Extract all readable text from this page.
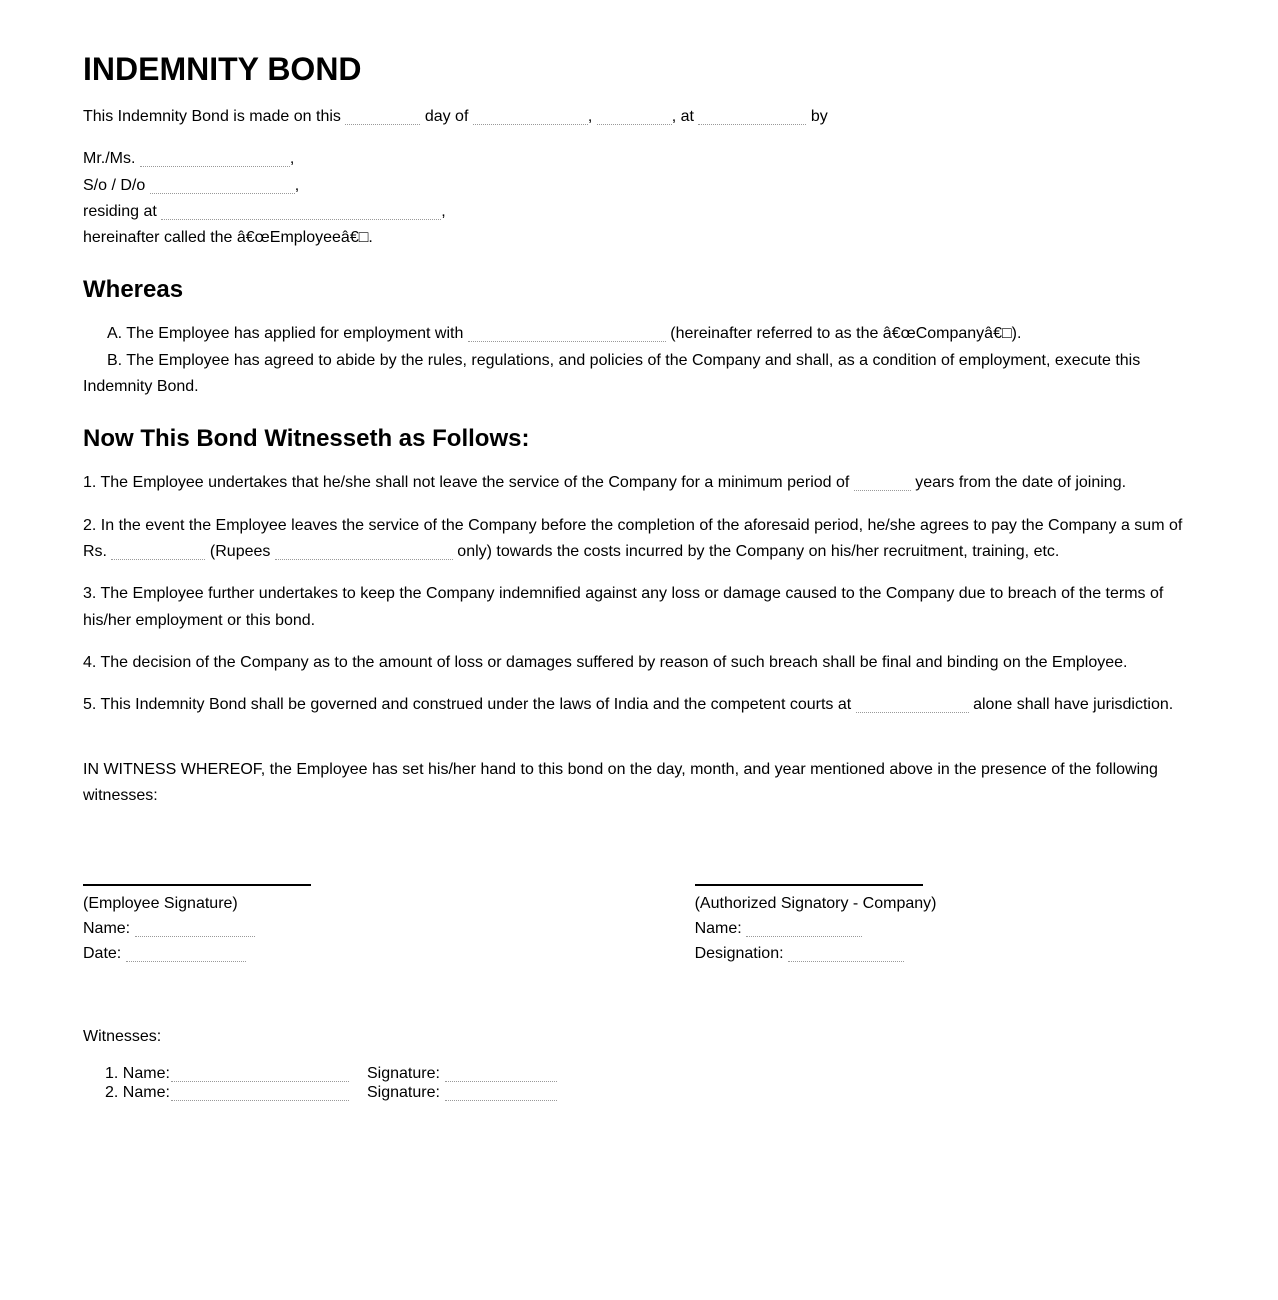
INDEMNITY BOND

This Indemnity Bond is made on this	day of	,	, at	by

Mr./Ms.	,
S/o / D/o	,
residing at	,
hereinafter called the â€œEmployeeâ€□.

Whereas
A. The Employee has applied for employment with	(hereinafter referred to as the â€œCompanyâ€□).
B. The Employee has agreed to abide by the rules, regulations, and policies of the Company and shall, as a condition of employment, execute this Indemnity Bond.
Now This Bond Witnesseth as Follows:

1. The Employee undertakes that he/she shall not leave the service of the Company for a minimum period of	years from the date of joining.

2. In the event the Employee leaves the service of the Company before the completion of the aforesaid period, he/she agrees to pay the Company a sum of Rs.	(Rupees	only) towards the costs incurred by the Company on his/her recruitment, training, etc.

3. The Employee further undertakes to keep the Company indemnified against any loss or damage caused to the Company due to breach of the terms of his/her employment or this bond.

4. The decision of the Company as to the amount of loss or damages suffered by reason of such breach shall be final and binding on the Employee.

5. This Indemnity Bond shall be governed and construed under the laws of India and the competent courts at	alone shall have jurisdiction.

IN WITNESS WHEREOF, the Employee has set his/her hand to this bond on the day, month, and year mentioned above in the presence of the following witnesses:

(Employee Signature)
Name:
Date:
(Authorized Signatory - Company)
Name:
Designation:
Witnesses:
1. Name:	Signature:
2. Name:	Signature:
